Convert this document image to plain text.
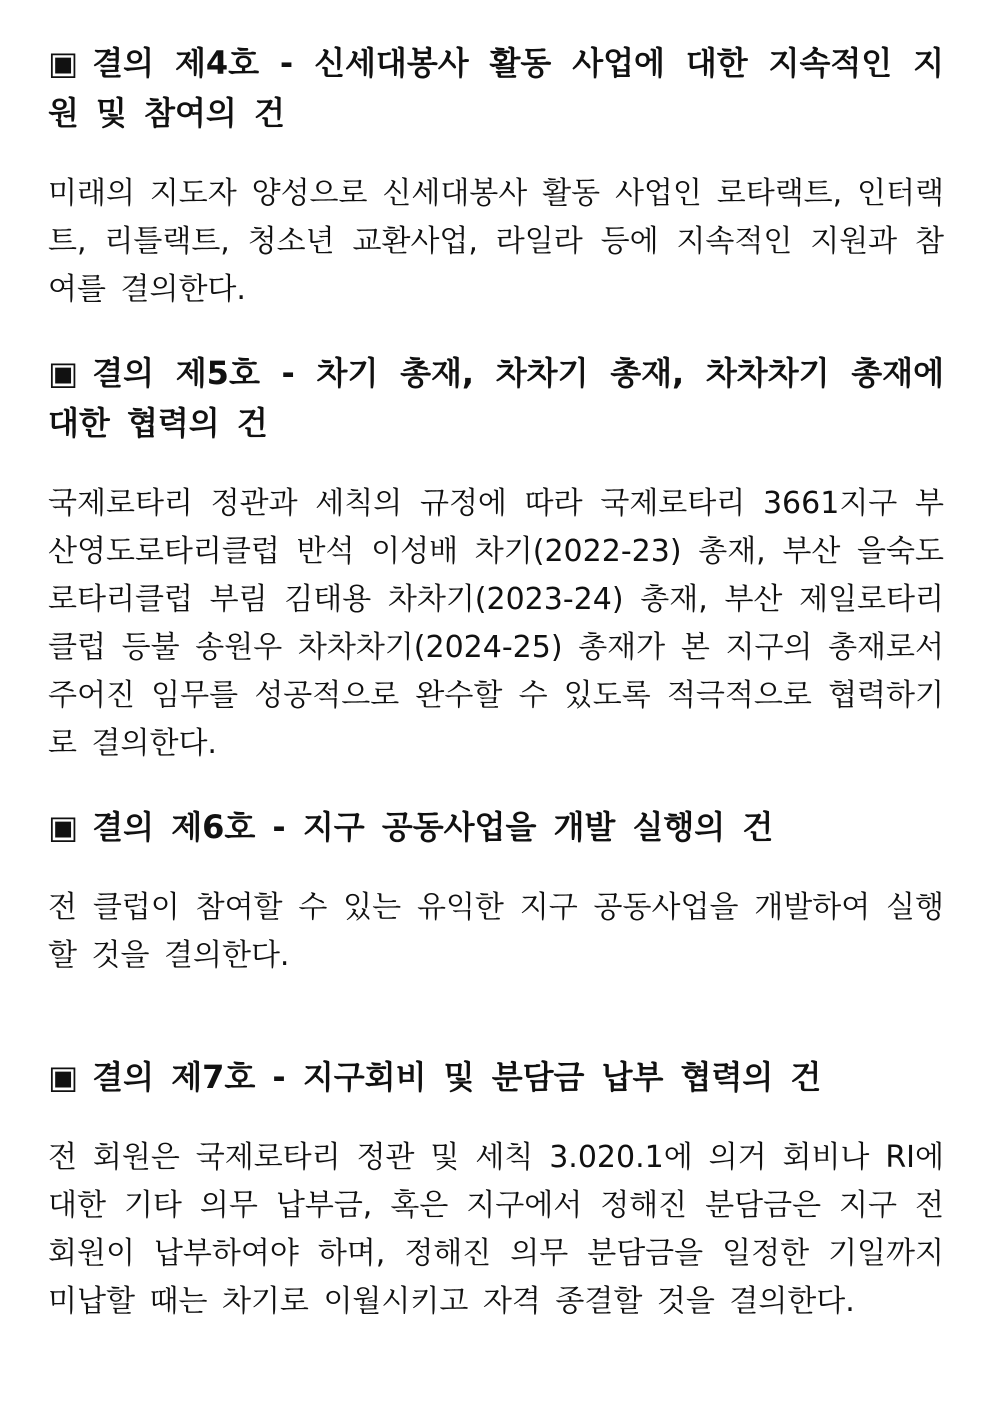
▣ 결의 제4호 - 신세대봉사 활동 사업에 대한 지속적인 지원 및 참여의 건

미래의 지도자 양성으로 신세대봉사 활동 사업인 로타랙트, 인터랙트, 리틀랙트, 청소년 교환사업, 라일라 등에 지속적인 지원과 참여를 결의한다.

▣ 결의 제5호 - 차기 총재, 차차기 총재, 차차차기 총재에 대한 협력의 건

국제로타리 정관과 세칙의 규정에 따라 국제로타리 3661지구 부산영도로타리클럽 반석 이성배 차기(2022-23) 총재, 부산 을숙도로타리클럽 부림 김태용 차차기(2023-24) 총재, 부산 제일로타리클럽 등불 송원우 차차차기(2024-25) 총재가 본 지구의 총재로서 주어진 임무를 성공적으로 완수할 수 있도록 적극적으로 협력하기로 결의한다.

▣ 결의 제6호 - 지구 공동사업을 개발 실행의 건

전 클럽이 참여할 수 있는 유익한 지구 공동사업을 개발하여 실행할 것을 결의한다.

▣ 결의 제7호 - 지구회비 및 분담금 납부 협력의 건

전 회원은 국제로타리 정관 및 세칙 3.020.1에 의거 회비나 RI에 대한 기타 의무 납부금, 혹은 지구에서 정해진 분담금은 지구 전 회원이 납부하여야 하며, 정해진 의무 분담금을 일정한 기일까지 미납할 때는 차기로 이월시키고 자격 종결할 것을 결의한다.
